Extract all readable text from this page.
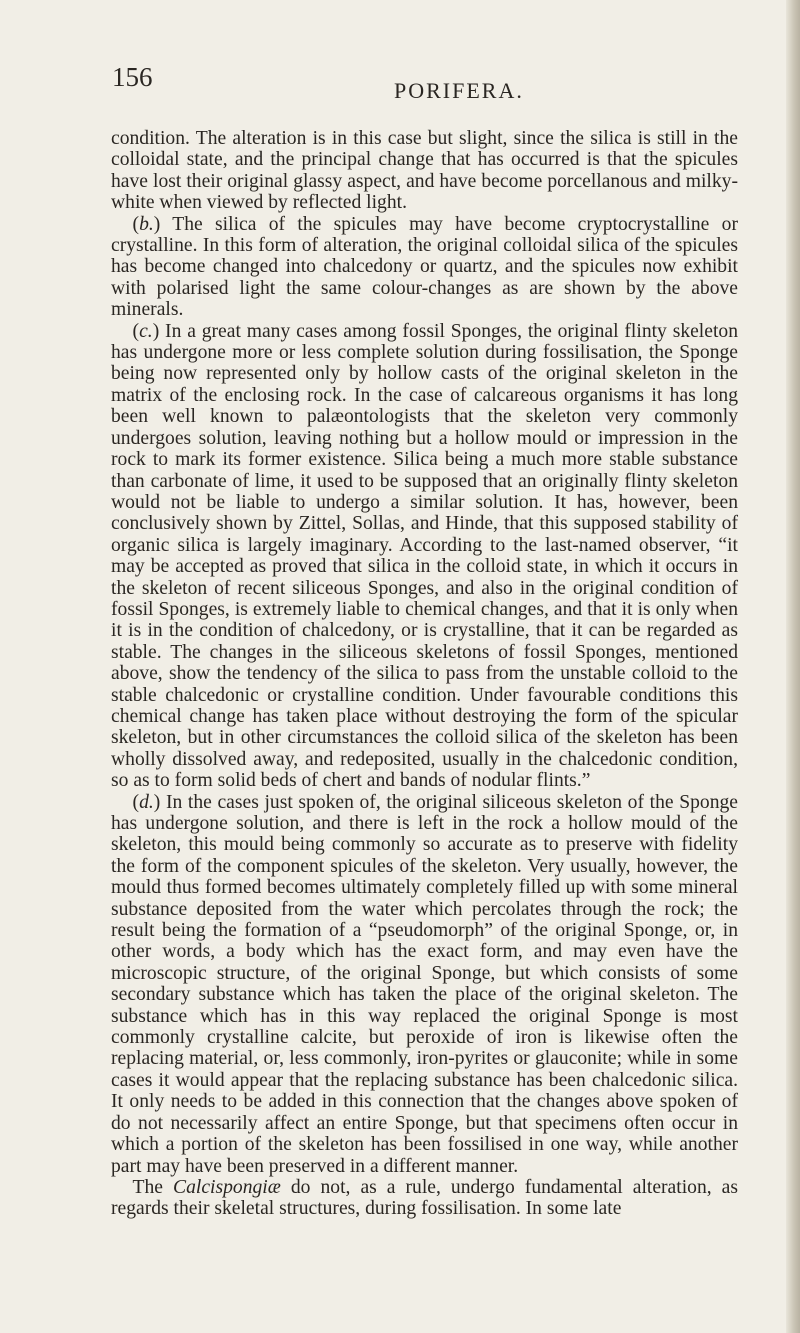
156	PORIFERA.

condition. The alteration is in this case but slight, since the silica is still in the colloidal state, and the principal change that has occurred is that the spicules have lost their original glassy aspect, and have become porcellanous and milky-white when viewed by reflected light.

(b.) The silica of the spicules may have become cryptocrystalline or crystalline. In this form of alteration, the original colloidal silica of the spicules has become changed into chalcedony or quartz, and the spicules now exhibit with polarised light the same colour-changes as are shown by the above minerals.

(c.) In a great many cases among fossil Sponges, the original flinty skeleton has undergone more or less complete solution during fossilisation, the Sponge being now represented only by hollow casts of the original skeleton in the matrix of the enclosing rock. In the case of calcareous organisms it has long been well known to palæontologists that the skeleton very commonly undergoes solution, leaving nothing but a hollow mould or impression in the rock to mark its former existence. Silica being a much more stable substance than carbonate of lime, it used to be supposed that an originally flinty skeleton would not be liable to undergo a similar solution. It has, however, been conclusively shown by Zittel, Sollas, and Hinde, that this supposed stability of organic silica is largely imaginary. According to the last-named observer, “it may be accepted as proved that silica in the colloid state, in which it occurs in the skeleton of recent siliceous Sponges, and also in the original condition of fossil Sponges, is extremely liable to chemical changes, and that it is only when it is in the condition of chalcedony, or is crystalline, that it can be regarded as stable. The changes in the siliceous skeletons of fossil Sponges, mentioned above, show the tendency of the silica to pass from the unstable colloid to the stable chalcedonic or crystalline condition. Under favourable conditions this chemical change has taken place without destroying the form of the spicular skeleton, but in other circumstances the colloid silica of the skeleton has been wholly dissolved away, and redeposited, usually in the chalcedonic condition, so as to form solid beds of chert and bands of nodular flints.”

(d.) In the cases just spoken of, the original siliceous skeleton of the Sponge has undergone solution, and there is left in the rock a hollow mould of the skeleton, this mould being commonly so accurate as to preserve with fidelity the form of the component spicules of the skeleton. Very usually, however, the mould thus formed becomes ultimately completely filled up with some mineral substance deposited from the water which percolates through the rock; the result being the formation of a “pseudomorph” of the original Sponge, or, in other words, a body which has the exact form, and may even have the microscopic structure, of the original Sponge, but which consists of some secondary substance which has taken the place of the original skeleton. The substance which has in this way replaced the original Sponge is most commonly crystalline calcite, but peroxide of iron is likewise often the replacing material, or, less commonly, iron-pyrites or glauconite; while in some cases it would appear that the replacing substance has been chalcedonic silica. It only needs to be added in this connection that the changes above spoken of do not necessarily affect an entire Sponge, but that specimens often occur in which a portion of the skeleton has been fossilised in one way, while another part may have been preserved in a different manner.

The Calcispongiæ do not, as a rule, undergo fundamental alteration, as regards their skeletal structures, during fossilisation. In some late
